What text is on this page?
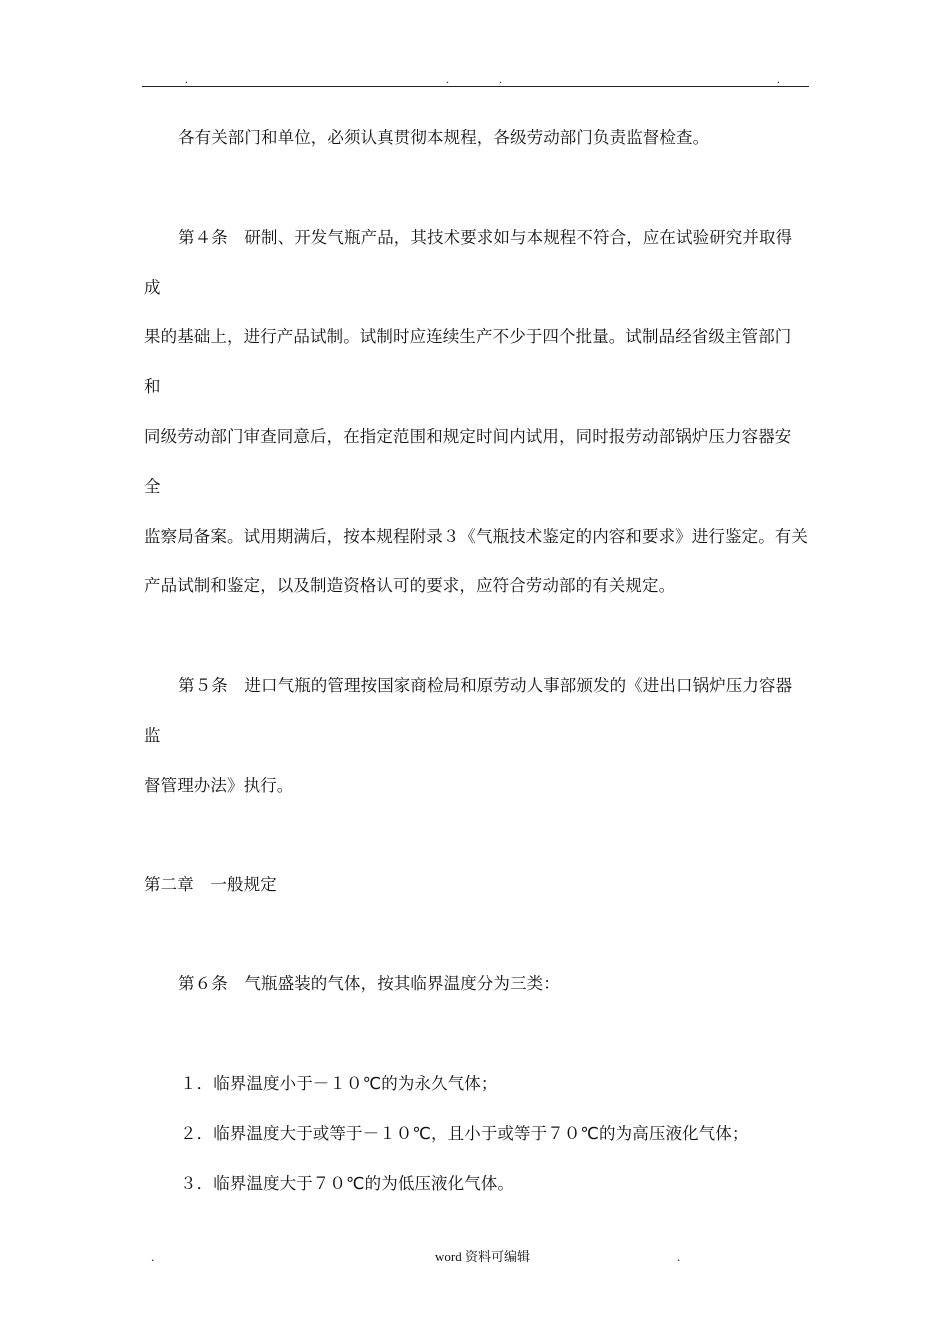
.	.	.	.
各有关部门和单位，必须认真贯彻本规程，各级劳动部门负责监督检查。
第４条　研制、开发气瓶产品，其技术要求如与本规程不符合，应在试验研究并取得
成
果的基础上，进行产品试制。试制时应连续生产不少于四个批量。试制品经省级主管部门
和
同级劳动部门审查同意后，在指定范围和规定时间内试用，同时报劳动部锅炉压力容器安
全
监察局备案。试用期满后，按本规程附录３《气瓶技术鉴定的内容和要求》进行鉴定。有关
产品试制和鉴定，以及制造资格认可的要求，应符合劳动部的有关规定。
第５条　进口气瓶的管理按国家商检局和原劳动人事部颁发的《进出口锅炉压力容器
监
督管理办法》执行。
第二章　一般规定
第６条　气瓶盛装的气体，按其临界温度分为三类：
１．临界温度小于－１０℃的为永久气体；
２．临界温度大于或等于－１０℃，且小于或等于７０℃的为高压液化气体；
３．临界温度大于７０℃的为低压液化气体。
.	word 资料可编辑	.
